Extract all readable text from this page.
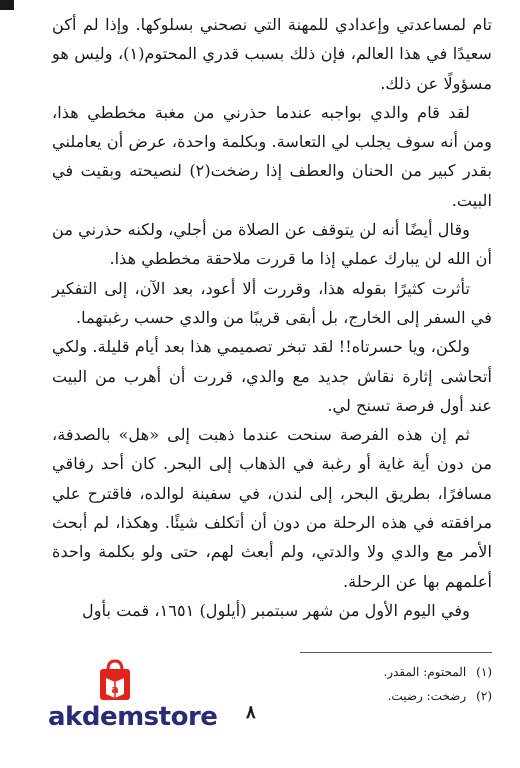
تام لمساعدتي وإعدادي للمهنة التي نصحني بسلوكها. وإذا لم أكن سعيدًا في هذا العالم، فإن ذلك بسبب قدري المحتوم(١)، وليس هو مسؤولًا عن ذلك.

لقد قام والدي بواجبه عندما حذرني من مغبة مخططي هذا، ومن أنه سوف يجلب لي التعاسة. وبكلمة واحدة، عرض أن يعاملني بقدر كبير من الحنان والعطف إذا رضخت(٢) لنصيحته وبقيت في البيت.

وقال أيضًا أنه لن يتوقف عن الصلاة من أجلي، ولكنه حذرني من أن الله لن يبارك عملي إذا ما قررت ملاحقة مخططي هذا.

تأثرت كثيرًا بقوله هذا، وقررت ألا أعود، بعد الآن، إلى التفكير في السفر إلى الخارج، بل أبقى قريبًا من والدي حسب رغبتهما.

ولكن، ويا حسرتاه!! لقد تبخر تصميمي هذا بعد أيام قليلة. ولكي أتحاشى إثارة نقاش جديد مع والدي، قررت أن أهرب من البيت عند أول فرصة تسنح لي.

ثم إن هذه الفرصة سنحت عندما ذهبت إلى «هل» بالصدفة، من دون أية غاية أو رغبة في الذهاب إلى البحر. كان أحد رفاقي مسافرًا، بطريق البحر، إلى لندن، في سفينة لوالده، فاقترح علي مرافقته في هذه الرحلة من دون أن أتكلف شيئًا. وهكذا، لم أبحث الأمر مع والدي ولا والدتي، ولم أبعث لهم، حتى ولو بكلمة واحدة أعلمهم بها عن الرحلة.

وفي اليوم الأول من شهر سبتمبر (أيلول) ١٦٥١، قمت بأول

(١)المحتوم: المقدر.

(٢)رضخت: رضيت.

a
akdemstore ٨
